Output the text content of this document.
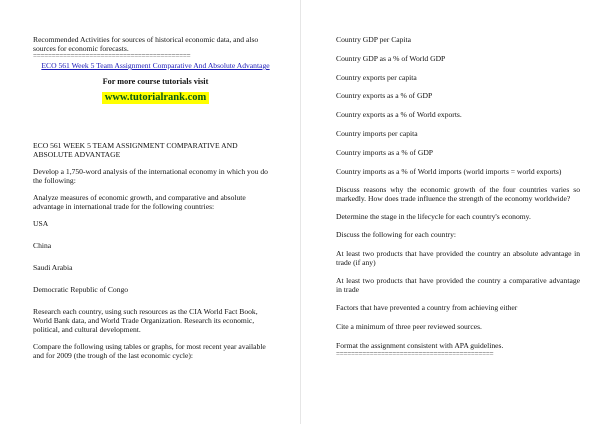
Recommended Activities for sources of historical economic data, and also sources for economic forecasts.

==========================================

ECO 561 Week 5 Team Assignment Comparative And Absolute Advantage

For more course tutorials visit

www.tutorialrank.com

ECO 561 WEEK 5 TEAM ASSIGNMENT COMPARATIVE AND ABSOLUTE ADVANTAGE

Develop a 1,750-word analysis of the international economy in which you do the following:

Analyze measures of economic growth, and comparative and absolute advantage in international trade for the following countries:

USA

China

Saudi Arabia

Democratic Republic of Congo

Research each country, using such resources as the CIA World Fact Book, World Bank data, and World Trade Organization. Research its economic, political, and cultural development.

Compare the following using tables or graphs, for most recent year available and for 2009 (the trough of the last economic cycle):

Country GDP per Capita

Country GDP as a % of World GDP

Country exports per capita

Country exports as a % of GDP

Country exports as a % of World exports.

Country imports per capita

Country imports as a % of GDP

Country imports as a % of World imports (world imports = world exports)

Discuss reasons why the economic growth of the four countries varies so markedly. How does trade influence the strength of the economy worldwide?

Determine the stage in the lifecycle for each country's economy.

Discuss the following for each country:

At least two products that have provided the country an absolute advantage in trade (if any)

At least two products that have provided the country a comparative advantage in trade

Factors that have prevented a country from achieving either

Cite a minimum of three peer reviewed sources.

Format the assignment consistent with APA guidelines.

==========================================
